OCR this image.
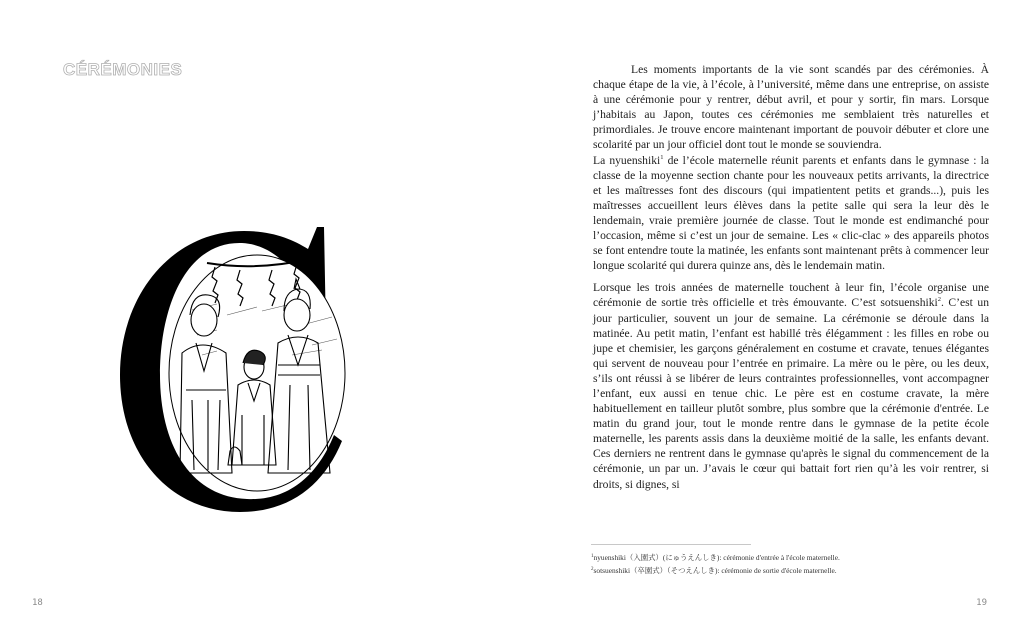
CÉRÉMONIES
18

Les moments importants de la vie sont scandés par des cérémonies. À chaque étape de la vie, à l’école, à l’université, même dans une entreprise, on assiste à une cérémonie pour y rentrer, début avril, et pour y sortir, fin mars. Lorsque j’habitais au Japon, toutes ces cérémonies me semblaient très naturelles et primordiales. Je trouve encore maintenant important de pouvoir débuter et clore une scolarité par un jour officiel dont tout le monde se souviendra.

La nyuenshiki$^1$ de l’école maternelle réunit parents et enfants dans le gymnase : la classe de la moyenne section chante pour les nouveaux petits arrivants, la directrice et les maîtresses font des discours (qui impatientent petits et grands...), puis les maîtresses accueillent leurs élèves dans la petite salle qui sera la leur dès le lendemain, vraie première journée de classe. Tout le monde est endimanché pour l’occasion, même si c’est un jour de semaine. Les « clic-clac » des appareils photos se font entendre toute la matinée, les enfants sont maintenant prêts à commencer leur longue scolarité qui durera quinze ans, dès le lendemain matin.

Lorsque les trois années de maternelle touchent à leur fin, l’école organise une cérémonie de sortie très officielle et très émouvante. C’est sotsuenshiki$^2$. C’est un jour particulier, souvent un jour de semaine. La cérémonie se déroule dans la matinée. Au petit matin, l’enfant est habillé très élégamment : les filles en robe ou jupe et chemisier, les garçons généralement en costume et cravate, tenues élégantes qui servent de nouveau pour l’entrée en primaire. La mère ou le père, ou les deux, s’ils ont réussi à se libérer de leurs contraintes professionnelles, vont accompagner l’enfant, eux aussi en tenue chic. Le père est en costume cravate, la mère habituellement en tailleur plutôt sombre, plus sombre que la cérémonie d'entrée. Le matin du grand jour, tout le monde rentre dans le gymnase de la petite école maternelle, les parents assis dans la deuxième moitié de la salle, les enfants devant. Ces derniers ne rentrent dans le gymnase qu'après le signal du commencement de la cérémonie, un par un. J’avais le cœur qui battait fort rien qu’à les voir rentrer, si droits, si dignes, si

$^1$nyuenshiki（入園式）(にゅうえんしき): cérémonie d'entrée à l'école maternelle.
$^2$sotsuenshiki（卒園式）（そつえんしき): cérémonie de sortie d'école maternelle.
19
